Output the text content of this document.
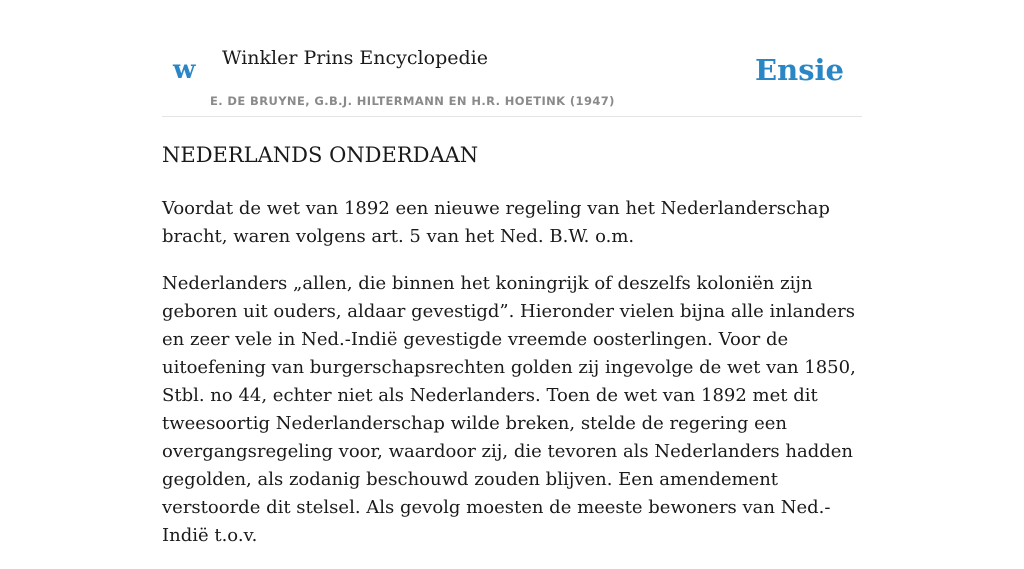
w Winkler Prins Encyclopedie
E. DE BRUYNE, G.B.J. HILTERMANN EN H.R. HOETINK (1947)
Ensie
NEDERLANDS ONDERDAAN

Voordat de wet van 1892 een nieuwe regeling van het Nederlanderschap bracht, waren volgens art. 5 van het Ned. B.W. o.m.

Nederlanders „allen, die binnen het koningrijk of deszelfs koloniën zijn geboren uit ouders, aldaar gevestigd”. Hieronder vielen bijna alle inlanders en zeer vele in Ned.-Indië gevestigde vreemde oosterlingen. Voor de uitoefening van burgerschapsrechten golden zij ingevolge de wet van 1850, Stbl. no 44, echter niet als Nederlanders. Toen de wet van 1892 met dit tweesoortig Nederlanderschap wilde breken, stelde de regering een overgangsregeling voor, waardoor zij, die tevoren als Nederlanders hadden gegolden, als zodanig beschouwd zouden blijven. Een amendement verstoorde dit stelsel. Als gevolg moesten de meeste bewoners van Ned.-Indië t.o.v.
